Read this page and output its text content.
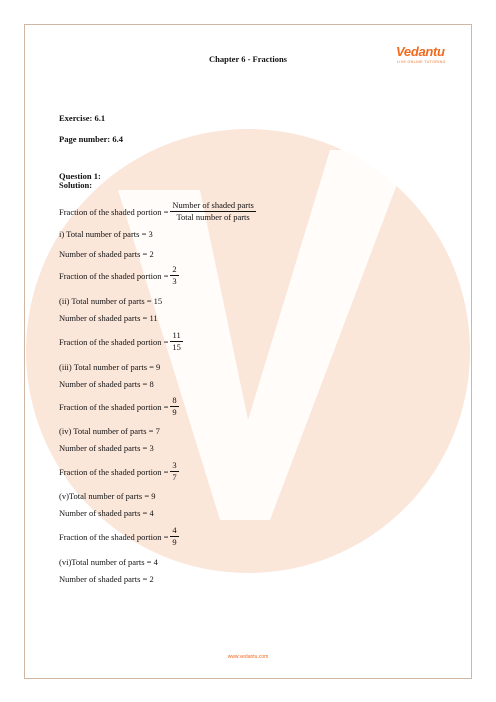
Chapter 6 - Fractions	Vedantu
LIVE ONLINE TUTORING
Exercise: 6.1
Page number: 6.4
Question 1:
Solution:
Fraction of the shaded portion = $\frac{\text{Number of shaded parts}}{\text{Total number of parts}}$
i) Total number of parts = 3
Number of shaded parts = 2
Fraction of the shaded portion = $\frac{2}{3}$
(ii) Total number of parts = 15
Number of shaded parts = 11
Fraction of the shaded portion = $\frac{11}{15}$
(iii) Total number of parts = 9
Number of shaded parts = 8
Fraction of the shaded portion = $\frac{8}{9}$
(iv) Total number of parts = 7
Number of shaded parts = 3
Fraction of the shaded portion = $\frac{3}{7}$
(v)Total number of parts = 9
Number of shaded parts = 4
Fraction of the shaded portion = $\frac{4}{9}$
(vi)Total number of parts = 4
Number of shaded parts = 2
www.vedantu.com
